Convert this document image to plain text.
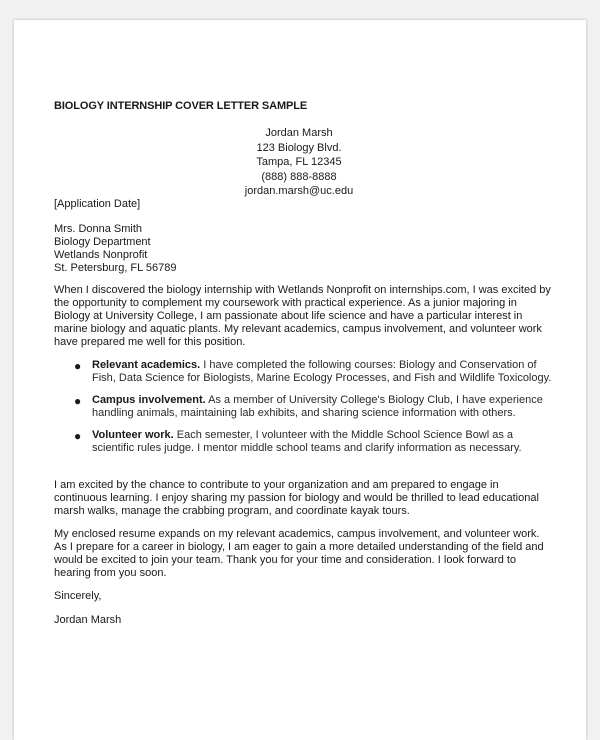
BIOLOGY INTERNSHIP COVER LETTER SAMPLE
Jordan Marsh
123 Biology Blvd.
Tampa, FL 12345
(888) 888-8888
jordan.marsh@uc.edu
[Application Date]
Mrs. Donna Smith
Biology Department
Wetlands Nonprofit
St. Petersburg, FL 56789
When I discovered the biology internship with Wetlands Nonprofit on internships.com, I was excited by the opportunity to complement my coursework with practical experience. As a junior majoring in Biology at University College, I am passionate about life science and have a particular interest in marine biology and aquatic plants. My relevant academics, campus involvement, and volunteer work have prepared me well for this position.
● Relevant academics. I have completed the following courses: Biology and Conservation of Fish, Data Science for Biologists, Marine Ecology Processes, and Fish and Wildlife Toxicology.
● Campus involvement. As a member of University College's Biology Club, I have experience handling animals, maintaining lab exhibits, and sharing science information with others.
● Volunteer work. Each semester, I volunteer with the Middle School Science Bowl as a scientific rules judge. I mentor middle school teams and clarify information as necessary.
I am excited by the chance to contribute to your organization and am prepared to engage in continuous learning. I enjoy sharing my passion for biology and would be thrilled to lead educational marsh walks, manage the crabbing program, and coordinate kayak tours.
My enclosed resume expands on my relevant academics, campus involvement, and volunteer work. As I prepare for a career in biology, I am eager to gain a more detailed understanding of the field and would be excited to join your team. Thank you for your time and consideration. I look forward to hearing from you soon.
Sincerely,
Jordan Marsh
